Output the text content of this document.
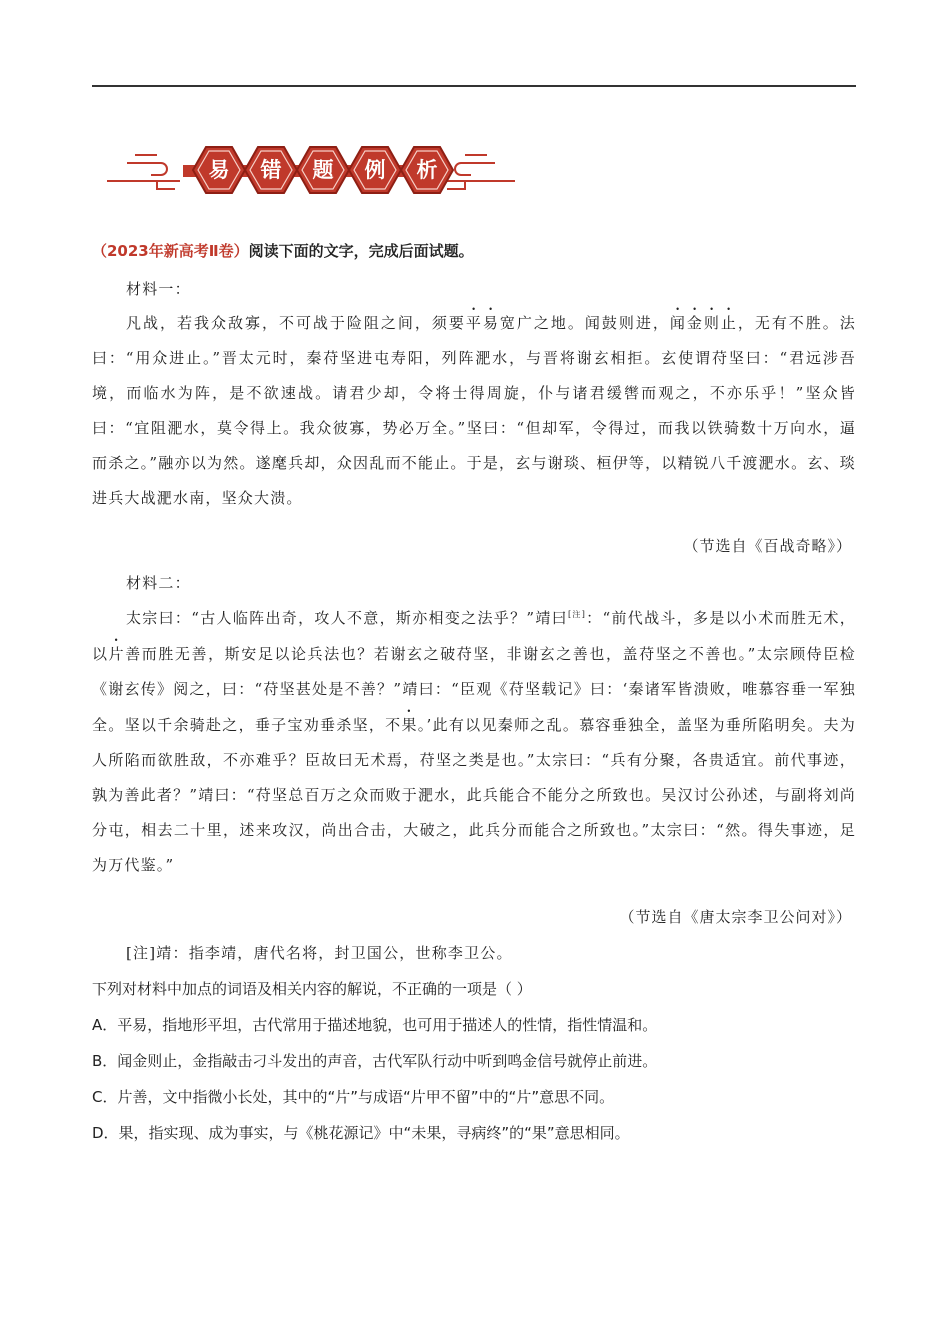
易	错	题	例	析
（2023年新高考Ⅱ卷）阅读下面的文字，完成后面试题。
材料一：
凡战，若我众敌寡，不可战于险阻之间，须要平易宽广之地。闻鼓则进，闻金则止，无有不胜。法曰：“用众进止。”晋太元时，秦苻坚进屯寿阳，列阵淝水，与晋将谢玄相拒。玄使谓苻坚曰：“君远涉吾境，而临水为阵，是不欲速战。请君少却，令将士得周旋，仆与诸君缓辔而观之，不亦乐乎！”坚众皆曰：“宜阻淝水，莫令得上。我众彼寡，势必万全。”坚曰：“但却军，令得过，而我以铁骑数十万向水，逼而杀之。”融亦以为然。遂麾兵却，众因乱而不能止。于是，玄与谢琰、桓伊等，以精锐八千渡淝水。玄、琰进兵大战淝水南，坚众大溃。
（节选自《百战奇略》）
材料二：
太宗曰：“古人临阵出奇，攻人不意，斯亦相变之法乎？”靖曰[注]：“前代战斗，多是以小术而胜无术，以片善而胜无善，斯安足以论兵法也？若谢玄之破苻坚，非谢玄之善也，盖苻坚之不善也。”太宗顾侍臣检《谢玄传》阅之，曰：“苻坚甚处是不善？”靖曰：“臣观《苻坚载记》曰：‘秦诸军皆溃败，唯慕容垂一军独全。坚以千余骑赴之，垂子宝劝垂杀坚，不果。’此有以见秦师之乱。慕容垂独全，盖坚为垂所陷明矣。夫为人所陷而欲胜敌，不亦难乎？臣故曰无术焉，苻坚之类是也。”太宗曰：“兵有分聚，各贵适宜。前代事迹，孰为善此者？”靖曰：“苻坚总百万之众而败于淝水，此兵能合不能分之所致也。吴汉讨公孙述，与副将刘尚分屯，相去二十里，述来攻汉，尚出合击，大破之，此兵分而能合之所致也。”太宗曰：“然。得失事迹，足为万代鉴。”
（节选自《唐太宗李卫公问对》）
[注]靖：指李靖，唐代名将，封卫国公，世称李卫公。
下列对材料中加点的词语及相关内容的解说，不正确的一项是（ ）
A．平易，指地形平坦，古代常用于描述地貌，也可用于描述人的性情，指性情温和。
B．闻金则止，金指敲击刁斗发出的声音，古代军队行动中听到鸣金信号就停止前进。
C．片善，文中指微小长处，其中的“片”与成语“片甲不留”中的“片”意思不同。
D．果，指实现、成为事实，与《桃花源记》中“未果，寻病终”的“果”意思相同。
